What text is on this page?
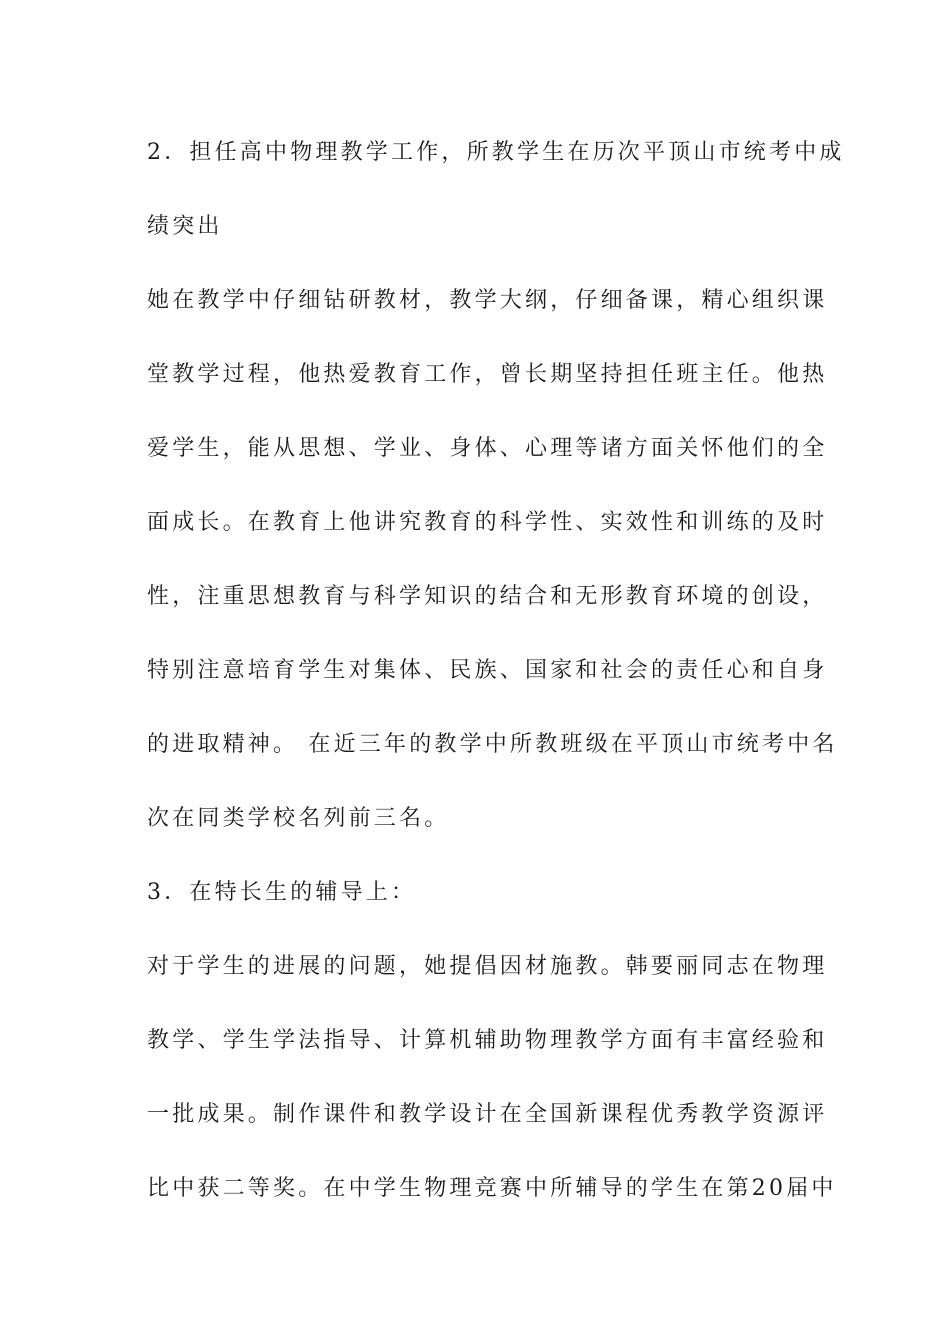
2．担任高中物理教学工作，所教学生在历次平顶山市统考中成
绩突出
她在教学中仔细钻研教材，教学大纲，仔细备课，精心组织课
堂教学过程，他热爱教育工作，曾长期坚持担任班主任。他热
爱学生，能从思想、学业、身体、心理等诸方面关怀他们的全
面成长。在教育上他讲究教育的科学性、实效性和训练的及时
性，注重思想教育与科学知识的结合和无形教育环境的创设，
特别注意培育学生对集体、民族、国家和社会的责任心和自身
的进取精神。 在近三年的教学中所教班级在平顶山市统考中名
次在同类学校名列前三名。
3．在特长生的辅导上：
对于学生的进展的问题，她提倡因材施教。韩要丽同志在物理
教学、学生学法指导、计算机辅助物理教学方面有丰富经验和
一批成果。制作课件和教学设计在全国新课程优秀教学资源评
比中获二等奖。在中学生物理竞赛中所辅导的学生在第20届中
